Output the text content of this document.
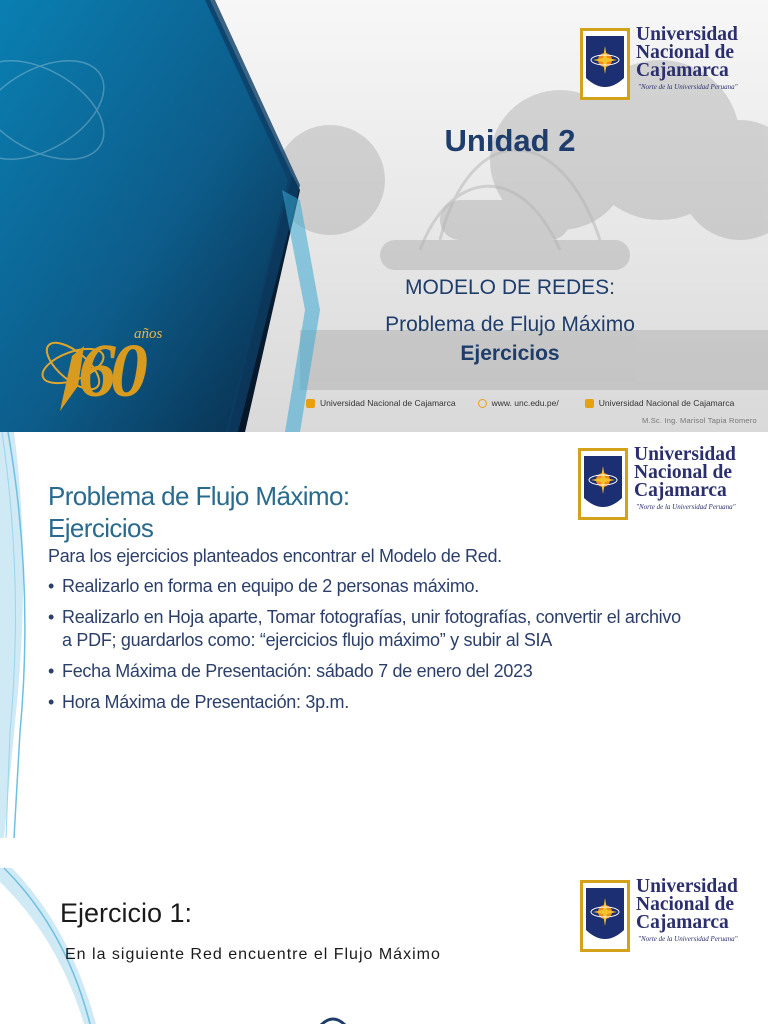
60
años
Universidad
Nacional de
Cajamarca
"Norte de la Universidad Peruana"
Unidad 2
MODELO DE REDES:
Problema de Flujo Máximo
Ejercicios
Universidad Nacional de Cajamarca	www. unc.edu.pe/	Universidad Nacional de Cajamarca
M.Sc. Ing. Marisol Tapia Romero
Universidad
Nacional de
Cajamarca
"Norte de la Universidad Peruana"
Problema de Flujo Máximo:
Ejercicios
Para los ejercicios planteados encontrar el Modelo de Red.
• Realizarlo en forma en equipo de 2 personas máximo.
• Realizarlo en Hoja aparte, Tomar fotografías, unir fotografías, convertir el archivo a PDF; guardarlos como: “ejercicios flujo máximo” y subir al SIA
• Fecha Máxima de Presentación: sábado 7 de enero del 2023
• Hora Máxima de Presentación: 3p.m.
Universidad
Nacional de
Cajamarca
"Norte de la Universidad Peruana"
Ejercicio 1:
En la siguiente Red encuentre el Flujo Máximo
